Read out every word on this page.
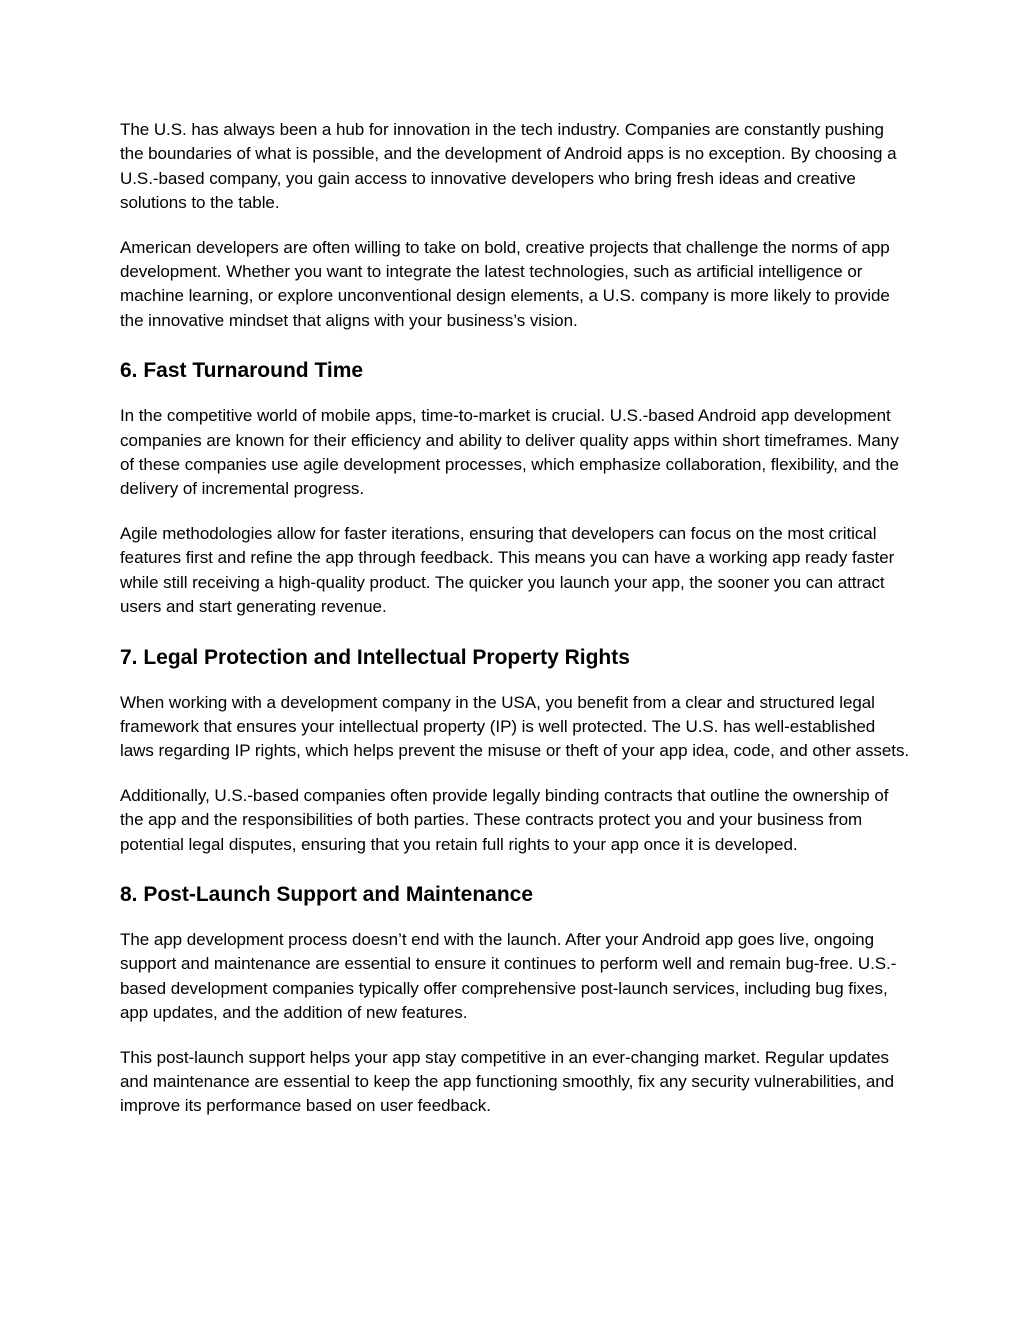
The U.S. has always been a hub for innovation in the tech industry. Companies are constantly pushing the boundaries of what is possible, and the development of Android apps is no exception. By choosing a U.S.-based company, you gain access to innovative developers who bring fresh ideas and creative solutions to the table.

American developers are often willing to take on bold, creative projects that challenge the norms of app development. Whether you want to integrate the latest technologies, such as artificial intelligence or machine learning, or explore unconventional design elements, a U.S. company is more likely to provide the innovative mindset that aligns with your business’s vision.

6. Fast Turnaround Time

In the competitive world of mobile apps, time-to-market is crucial. U.S.-based Android app development companies are known for their efficiency and ability to deliver quality apps within short timeframes. Many of these companies use agile development processes, which emphasize collaboration, flexibility, and the delivery of incremental progress.

Agile methodologies allow for faster iterations, ensuring that developers can focus on the most critical features first and refine the app through feedback. This means you can have a working app ready faster while still receiving a high-quality product. The quicker you launch your app, the sooner you can attract users and start generating revenue.

7. Legal Protection and Intellectual Property Rights

When working with a development company in the USA, you benefit from a clear and structured legal framework that ensures your intellectual property (IP) is well protected. The U.S. has well-established laws regarding IP rights, which helps prevent the misuse or theft of your app idea, code, and other assets.

Additionally, U.S.-based companies often provide legally binding contracts that outline the ownership of the app and the responsibilities of both parties. These contracts protect you and your business from potential legal disputes, ensuring that you retain full rights to your app once it is developed.

8. Post-Launch Support and Maintenance

The app development process doesn’t end with the launch. After your Android app goes live, ongoing support and maintenance are essential to ensure it continues to perform well and remain bug-free. U.S.-based development companies typically offer comprehensive post-launch services, including bug fixes, app updates, and the addition of new features.

This post-launch support helps your app stay competitive in an ever-changing market. Regular updates and maintenance are essential to keep the app functioning smoothly, fix any security vulnerabilities, and improve its performance based on user feedback.
